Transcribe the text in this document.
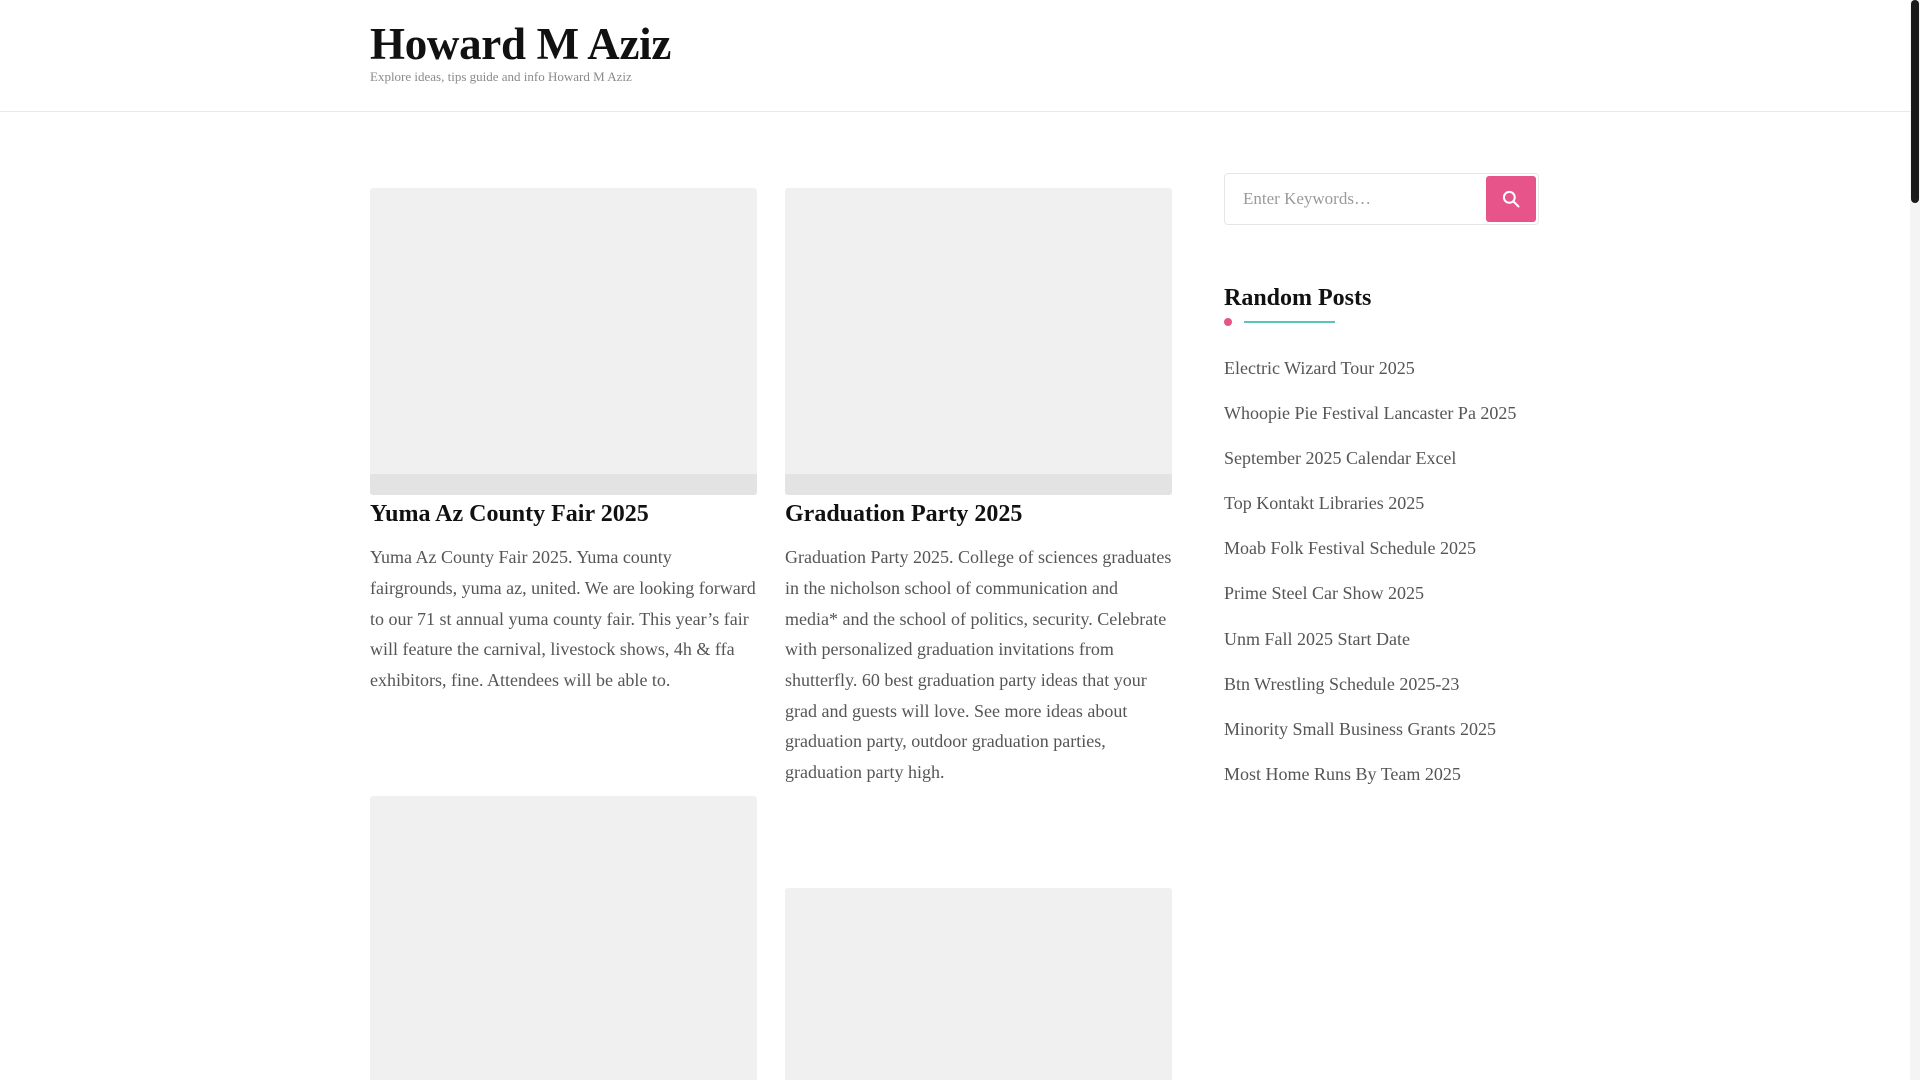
Howard M Aziz
Explore ideas, tips guide and info Howard M Aziz
Yuma Az County Fair 2025

Yuma Az County Fair 2025. Yuma county fairgrounds, yuma az, united. We are looking forward to our 71 st annual yuma county fair. This year’s fair will feature the carnival, livestock shows, 4h & ffa exhibitors, fine. Attendees will be able to.

Graduation Party 2025

Graduation Party 2025. College of sciences graduates in the nicholson school of communication and media* and the school of politics, security. Celebrate with personalized graduation invitations from shutterfly. 60 best graduation party ideas that your grad and guests will love. See more ideas about graduation party, outdoor graduation parties, graduation party high.

Enter Keywords…
Random Posts
Electric Wizard Tour 2025
Whoopie Pie Festival Lancaster Pa 2025
September 2025 Calendar Excel
Top Kontakt Libraries 2025
Moab Folk Festival Schedule 2025
Prime Steel Car Show 2025
Unm Fall 2025 Start Date
Btn Wrestling Schedule 2025-23
Minority Small Business Grants 2025
Most Home Runs By Team 2025
